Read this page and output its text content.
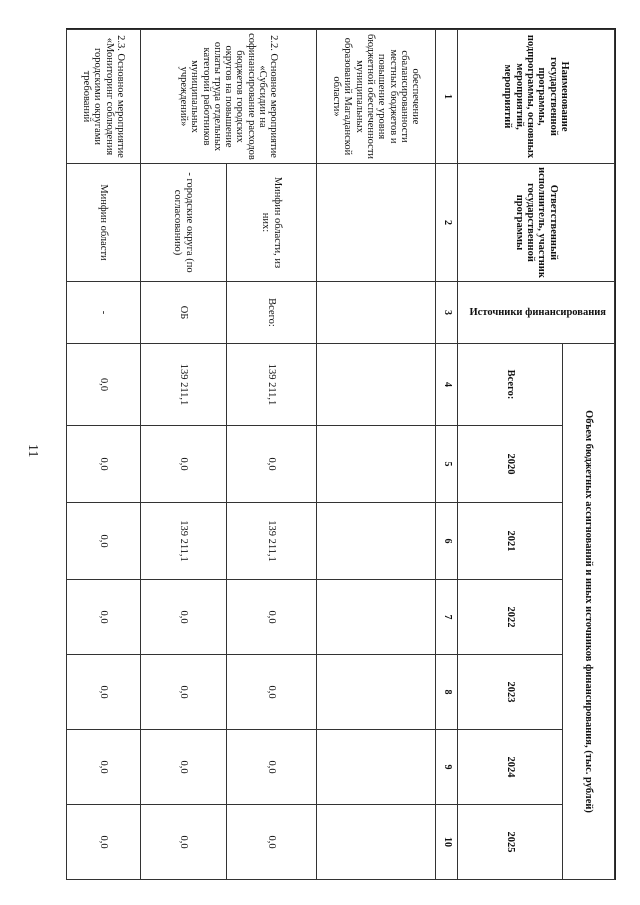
11
Наименование государственной программы, подпрограммы, основных мероприятий, мероприятий	Ответственный исполнитель, участник государственной программы	Источники финансирования	Объем бюджетных ассигнований и иных источников финансирования, (тыс. рублей)						
			Всего:	2020	2021	2022	2023	2024	2025
1	2	3	4	5	6	7	8	9	10
обеспечение сбалансированности местных бюджетов и повышение уровня бюджетной обеспеченности муниципальных образований Магаданской области»									
2.2. Основное мероприятие «Субсидии на софинансирование расходов бюджетов городских округов на повышение оплаты труда отдельных категорий работников муниципальных учреждений»	Минфин области, из них:	Всего:	139 211,1	0,0	139 211,1	0,0	0,0	0,0	0,0
	- городские округа (по согласованию)	ОБ	139 211,1	0,0	139 211,1	0,0	0,0	0,0	0,0
2.3. Основное мероприятие «Мониторинг соблюдения городскими округами требований	Минфин области	-	0,0	0,0	0,0	0,0	0,0	0,0	0,0
